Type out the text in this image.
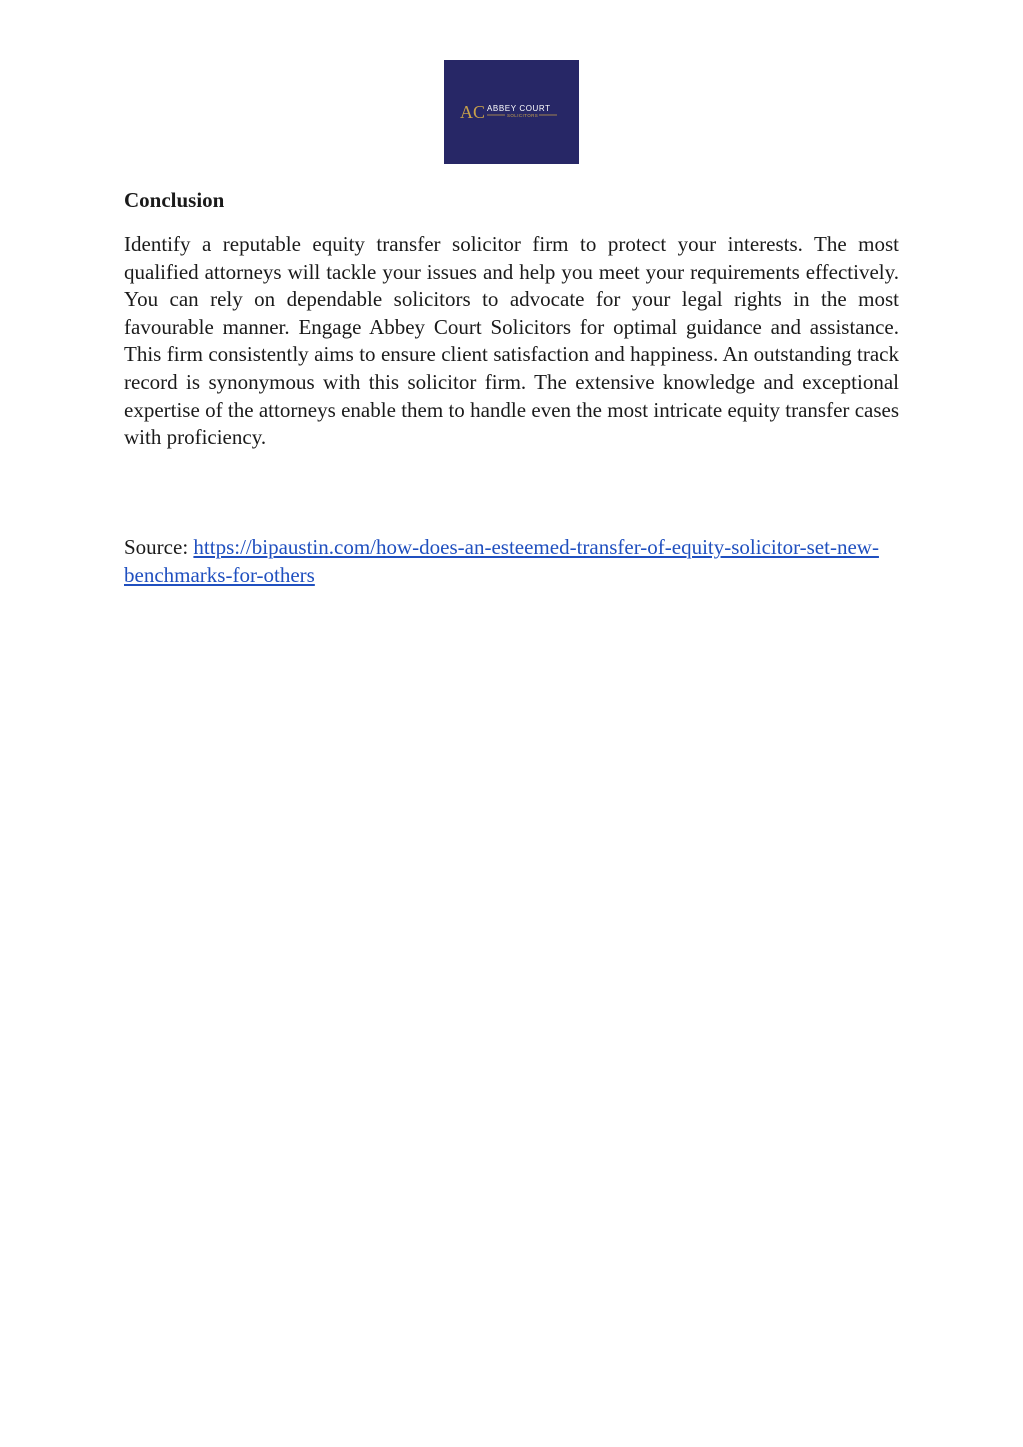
AC ABBEY COURT
SOLICITORS
Conclusion

Identify a reputable equity transfer solicitor firm to protect your interests. The most qualified attorneys will tackle your issues and help you meet your requirements effectively. You can rely on dependable solicitors to advocate for your legal rights in the most favourable manner. Engage Abbey Court Solicitors for optimal guidance and assistance. This firm consistently aims to ensure client satisfaction and happiness. An outstanding track record is synonymous with this solicitor firm. The extensive knowledge and exceptional expertise of the attorneys enable them to handle even the most intricate equity transfer cases with proficiency.

Source: https://bipaustin.com/how-does-an-esteemed-transfer-of-equity-solicitor-set-new-benchmarks-for-others
